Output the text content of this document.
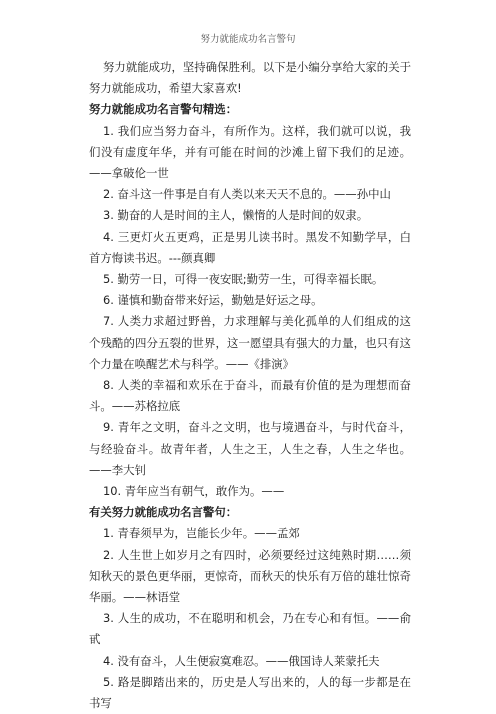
努力就能成功名言警句

努力就能成功，坚持确保胜利。以下是小编分享给大家的关于努力就能成功，希望大家喜欢!

努力就能成功名言警句精选：

1. 我们应当努力奋斗，有所作为。这样，我们就可以说，我们没有虚度年华，并有可能在时间的沙滩上留下我们的足迹。——拿破伦一世

2. 奋斗这一件事是自有人类以来天天不息的。——孙中山

3. 勤奋的人是时间的主人，懒惰的人是时间的奴隶。

4. 三更灯火五更鸡，正是男儿读书时。黑发不知勤学早，白首方悔读书迟。---颜真卿

5. 勤劳一日，可得一夜安眠;勤劳一生，可得幸福长眠。

6. 谨慎和勤奋带来好运，勤勉是好运之母。

7. 人类力求超过野兽，力求理解与美化孤单的人们组成的这个残酷的四分五裂的世界，这一愿望具有强大的力量，也只有这个力量在唤醒艺术与科学。——《排演》

8. 人类的幸福和欢乐在于奋斗，而最有价值的是为理想而奋斗。——苏格拉底

9. 青年之文明，奋斗之文明，也与境遇奋斗，与时代奋斗，与经验奋斗。故青年者，人生之王，人生之春，人生之华也。——李大钊

10. 青年应当有朝气，敢作为。——

有关努力就能成功名言警句：

1. 青春须早为，岂能长少年。——孟郊

2. 人生世上如岁月之有四时，必须要经过这纯熟时期……须知秋天的景色更华丽，更惊奇，而秋天的快乐有万倍的雄壮惊奇华丽。——林语堂

3. 人生的成功，不在聪明和机会，乃在专心和有恒。——俞甙

4. 没有奋斗，人生便寂寞难忍。——俄国诗人莱蒙托夫

5. 路是脚踏出来的，历史是人写出来的，人的每一步都是在书写
